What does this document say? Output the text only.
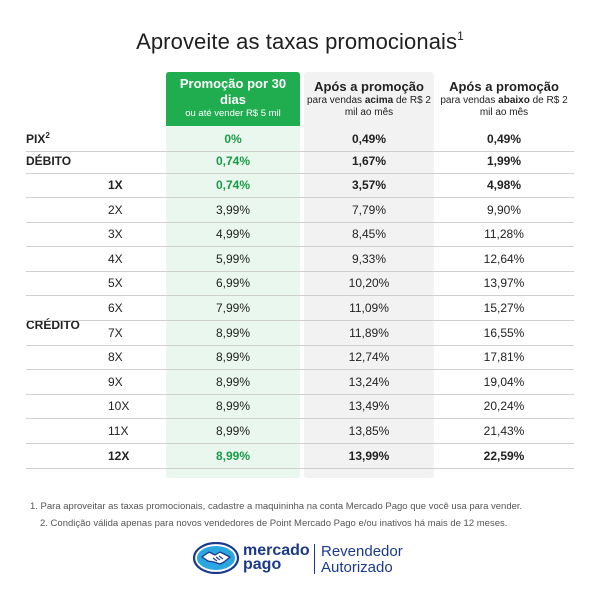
Aproveite as taxas promocionais$^1$
Promoção por 30 dias
ou até vender R$ 5 mil
Após a promoção
para vendas acima de R$ 2 mil ao mês
Após a promoção
para vendas abaixo de R$ 2 mil ao mês
PIX$^2$	0%	0,49%	0,49%
DÉBITO	0,74%	1,67%	1,99%
CRÉDITO
1X	0,74%	3,57%	4,98%
2X	3,99%	7,79%	9,90%
3X	4,99%	8,45%	11,28%
4X	5,99%	9,33%	12,64%
5X	6,99%	10,20%	13,97%
6X	7,99%	11,09%	15,27%
7X	8,99%	11,89%	16,55%
8X	8,99%	12,74%	17,81%
9X	8,99%	13,24%	19,04%
10X	8,99%	13,49%	20,24%
11X	8,99%	13,85%	21,43%
12X	8,99%	13,99%	22,59%
1. Para aproveitar as taxas promocionais, cadastre a maquininha na conta Mercado Pago que você usa para vender.
2. Condição válida apenas para novos vendedores de Point Mercado Pago e/ou inativos há mais de 12 meses.
mercado
pago
Revendedor
Autorizado
